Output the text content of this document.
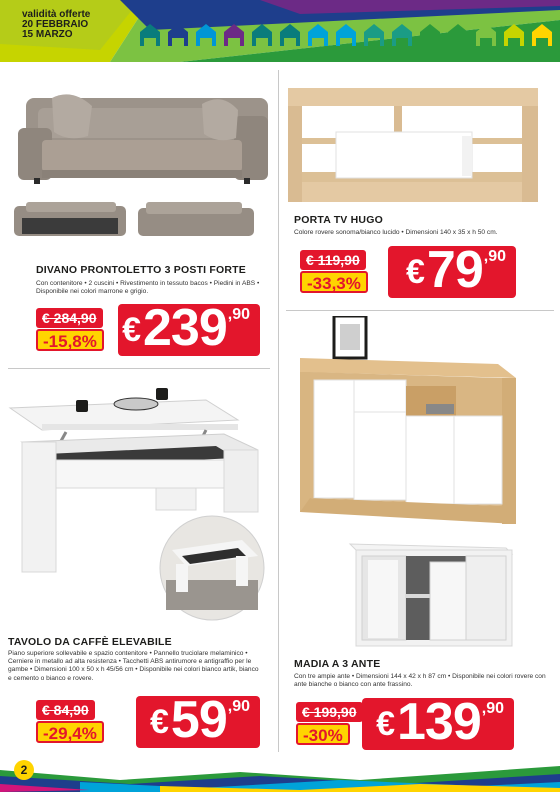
validità offerte
20 FEBBRAIO
15 MARZO
DIVANO PRONTOLETTO 3 POSTI FORTE
Con contenitore • 2 cuscini • Rivestimento in tessuto bacos • Piedini in ABS • Disponibile nei colori marrone e grigio.
€ 284,90
-15,8% €239,90
PORTA TV HUGO
Colore rovere sonoma/bianco lucido • Dimensioni 140 x 35 x h 50 cm.
€ 119,90
-33,3% €79,90
TAVOLO DA CAFFÈ ELEVABILE
Piano superiore sollevabile e spazio contenitore • Pannello truciolare melaminico • Cerniere in metallo ad alta resistenza • Tacchetti ABS antirumore e antigraffio per le gambe • Dimensioni 100 x 50 x h 45/56 cm • Disponibile nei colori bianco artik, bianco e cemento o bianco e rovere.
€ 84,90
-29,4% €59,90
MADIA A 3 ANTE
Con tre ampie ante • Dimensioni 144 x 42 x h 87 cm • Disponibile nei colori rovere con ante bianche o bianco con ante frassino.
€ 199,90
-30% €139,90
2
